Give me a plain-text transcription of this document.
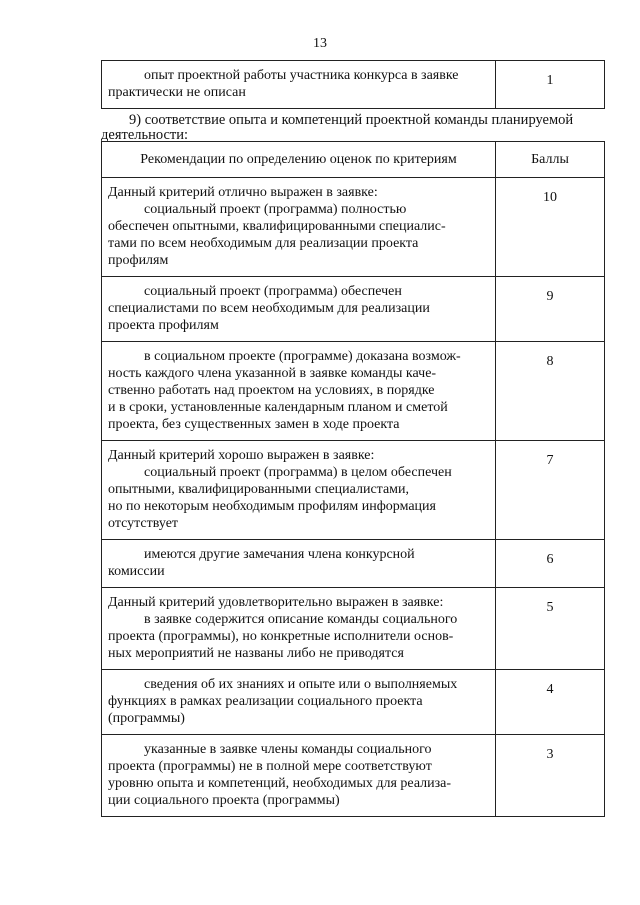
13
опыт проектной работы участника конкурса в заявке
практически не описан
	1
9) соответствие опыта и компетенций проектной команды планируемой
деятельности:
Рекомендации по определению оценок по критериям	Баллы

Данный критерий отлично выражен в заявке:
социальный проект (программа) полностью
обеспечен опытными, квалифицированными специалис-
тами по всем необходимым для реализации проекта
профилям	10

социальный проект (программа) обеспечен
специалистами по всем необходимым для реализации
проекта профилям	9

в социальном проекте (программе) доказана возмож-
ность каждого члена указанной в заявке команды каче-
ственно работать над проектом на условиях, в порядке
и в сроки, установленные календарным планом и сметой
проекта, без существенных замен в ходе проекта	8

Данный критерий хорошо выражен в заявке:
социальный проект (программа) в целом обеспечен
опытными, квалифицированными специалистами,
но по некоторым необходимым профилям информация
отсутствует	7

имеются другие замечания члена конкурсной
комиссии	6

Данный критерий удовлетворительно выражен в заявке:
в заявке содержится описание команды социального
проекта (программы), но конкретные исполнители основ-
ных мероприятий не названы либо не приводятся	5

сведения об их знаниях и опыте или о выполняемых
функциях в рамках реализации социального проекта
(программы)	4

указанные в заявке члены команды социального
проекта (программы) не в полной мере соответствуют
уровню опыта и компетенций, необходимых для реализа-
ции социального проекта (программы)	3
